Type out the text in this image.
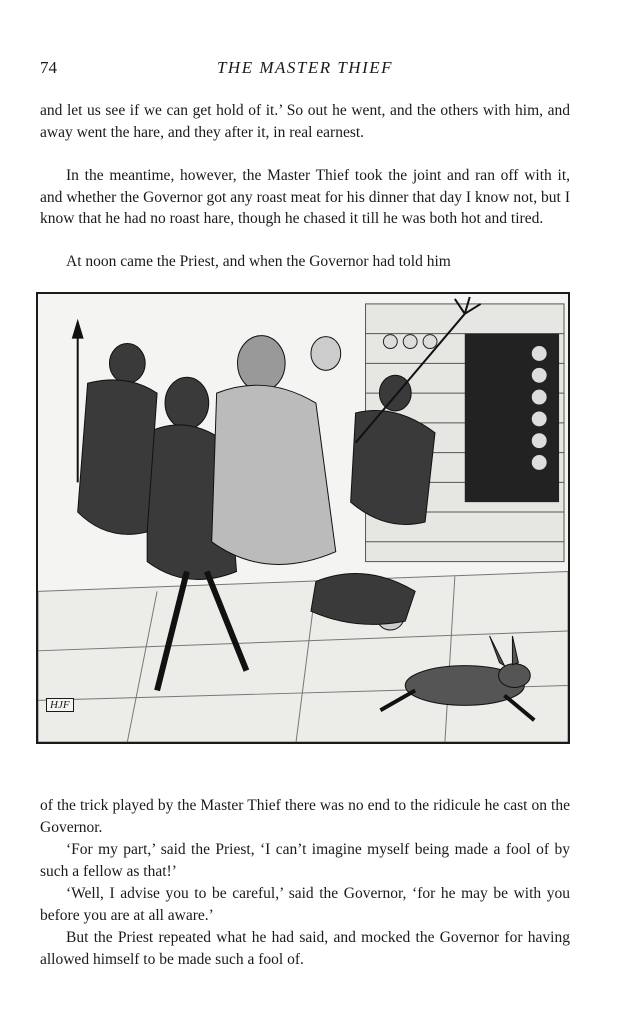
74	THE MASTER THIEF

and let us see if we can get hold of it.’ So out he went, and the others with him, and away went the hare, and they after it, in real earnest.

In the meantime, however, the Master Thief took the joint and ran off with it, and whether the Governor got any roast meat for his dinner that day I know not, but I know that he had no roast hare, though he chased it till he was both hot and tired.

At noon came the Priest, and when the Governor had told him

HJF

of the trick played by the Master Thief there was no end to the ridicule he cast on the Governor.

‘For my part,’ said the Priest, ‘I can’t imagine myself being made a fool of by such a fellow as that!’

‘Well, I advise you to be careful,’ said the Governor, ‘for he may be with you before you are at all aware.’

But the Priest repeated what he had said, and mocked the Governor for having allowed himself to be made such a fool of.
